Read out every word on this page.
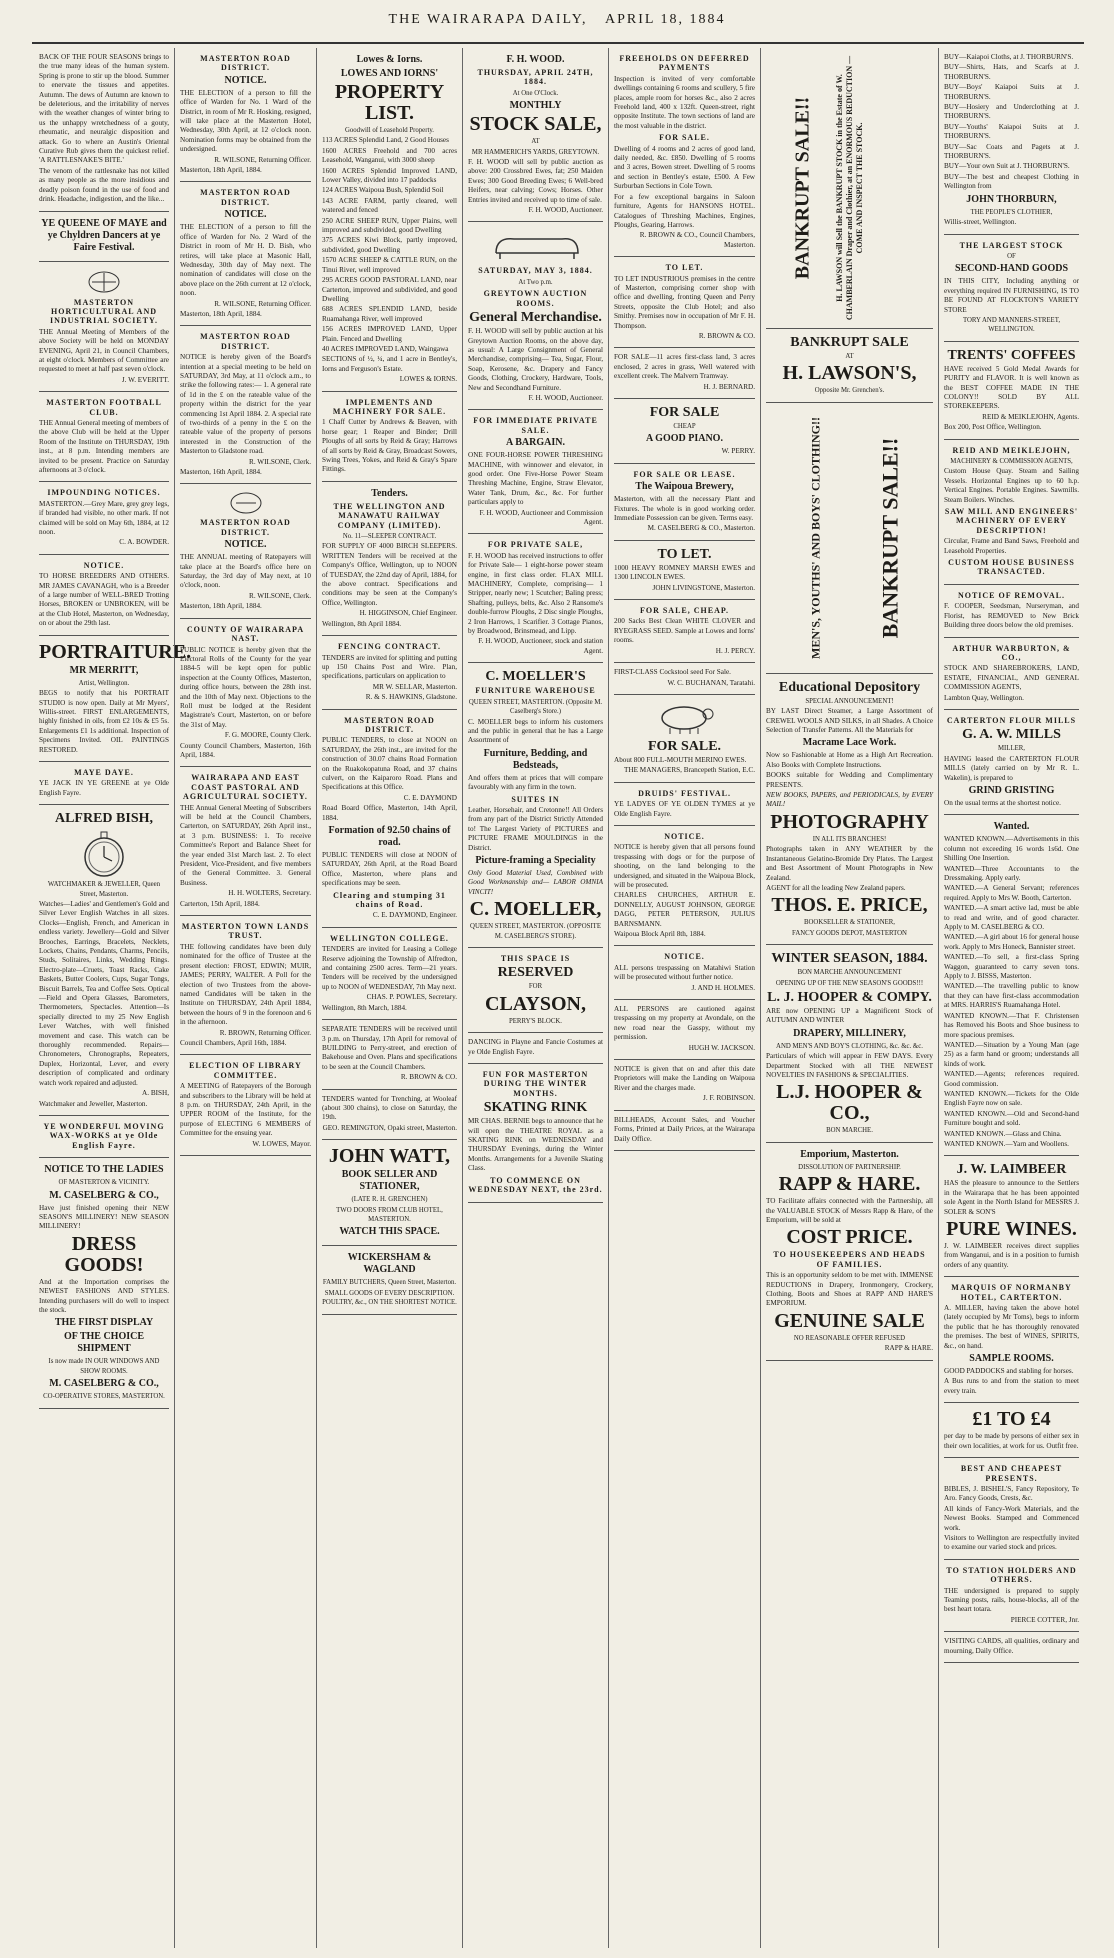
THE WAIRARAPA DAILY, APRIL 18, 1884

BACK OF THE FOUR SEASONS brings to the true many ideas of the human system. Spring is prone to stir up the blood. Summer to enervate the tissues and appetites. Autumn. The dews of Autumn are known to be deleterious, and the irritability of nerves with the weather changes of winter bring to us the unhappy wretchedness of a gouty, rheumatic, and neuralgic disposition and attack. Go to where an Austin's Oriental Curative Rub gives them the quickest relief. 'A RATTLESNAKE'S BITE.'

The venom of the rattlesnake has not killed as many people as the more insidious and deadly poison found in the use of food and drink. Headache, indigestion, and the like...

YE QUEENE OF MAYE and ye Chyldren Dancers at ye Faire Festival.

MASTERTON HORTICULTURAL AND INDUSTRIAL SOCIETY.

THE Annual Meeting of Members of the above Society will be held on MONDAY EVENING, April 21, in Council Chambers, at eight o'clock. Members of Committee are requested to meet at half past seven o'clock.

J. W. EVERITT.

MASTERTON FOOTBALL CLUB.

THE Annual General meeting of members of the above Club will be held at the Upper Room of the Institute on THURSDAY, 19th inst., at 8 p.m. Intending members are invited to be present. Practice on Saturday afternoons at 3 o'clock.

IMPOUNDING NOTICES.

MASTERTON.—Grey Mare, grey grey legs, if branded had visible, no other mark. If not claimed will be sold on May 6th, 1884, at 12 noon.

C. A. BOWDER.

NOTICE.

TO HORSE BREEDERS AND OTHERS. MR JAMES CAVANAGH, who is a Breeder of a large number of WELL-BRED Trotting Horses, BROKEN or UNBROKEN, will be at the Club Hotel, Masterton, on Wednesday, on or about the 29th last.

PORTRAITURE.

MR MERRITT,

Artist, Wellington.

BEGS to notify that his PORTRAIT STUDIO is now open. Daily at Mr Myers', Willis-street. FIRST ENLARGEMENTS, highly finished in oils, from £2 10s & £5 5s. Enlargements £1 1s additional. Inspection of Specimens Invited. OIL PAINTINGS RESTORED.

MAYE DAYE.

YE JACK IN YE GREENE at ye Olde English Fayre.

ALFRED BISH,

WATCHMAKER & JEWELLER, Queen Street, Masterton.

Watches—Ladies' and Gentlemen's Gold and Silver Lever English Watches in all sizes. Clocks—English, French, and American in endless variety. Jewellery—Gold and Silver Brooches, Earrings, Bracelets, Necklets, Lockets, Chains, Pendants, Charms, Pencils, Studs, Solitaires, Links, Wedding Rings. Electro-plate—Cruets, Toast Racks, Cake Baskets, Butter Coolers, Cups, Sugar Tongs, Biscuit Barrels, Tea and Coffee Sets. Optical—Field and Opera Glasses, Barometers, Thermometers, Spectacles. Attention—Is specially directed to my 25 New English Lever Watches, with well finished movement and case. This watch can be thoroughly recommended. Repairs—Chronometers, Chronographs, Repeaters, Duplex, Horizontal, Lever, and every description of complicated and ordinary watch work repaired and adjusted.

A. BISH,

Watchmaker and Jeweller, Masterton.

YE WONDERFUL MOVING WAX-WORKS at ye Olde English Fayre.

NOTICE TO THE LADIES

OF MASTERTON & VICINITY.

M. CASELBERG & CO.,

Have just finished opening their NEW SEASON'S MILLINERY! NEW SEASON MILLINERY!

DRESS GOODS!

And at the Importation comprises the NEWEST FASHIONS AND STYLES. Intending purchasers will do well to inspect the stock.

THE FIRST DISPLAY

OF THE CHOICE SHIPMENT

Is now made IN OUR WINDOWS AND SHOW ROOMS.

M. CASELBERG & CO.,

CO-OPERATIVE STORES, MASTERTON.

MASTERTON ROAD DISTRICT.

NOTICE.

THE ELECTION of a person to fill the office of Warden for No. 1 Ward of the District, in room of Mr R. Hosking, resigned, will take place at the Masterton Hotel, Wednesday, 30th April, at 12 o'clock noon. Nomination forms may be obtained from the undersigned.

R. WILSONE, Returning Officer.

Masterton, 18th April, 1884.

MASTERTON ROAD DISTRICT.

NOTICE.

THE ELECTION of a person to fill the office of Warden for No. 2 Ward of the District in room of Mr H. D. Bish, who retires, will take place at Masonic Hall, Wednesday, 30th day of May next. The nomination of candidates will close on the above place on the 26th current at 12 o'clock, noon.

R. WILSONE, Returning Officer.

Masterton, 18th April, 1884.

MASTERTON ROAD DISTRICT.

NOTICE is hereby given of the Board's intention at a special meeting to be held on SATURDAY, 3rd May, at 11 o'clock a.m., to strike the following rates:— 1. A general rate of 1d in the £ on the rateable value of the property within the district for the year commencing 1st April 1884. 2. A special rate of two-thirds of a penny in the £ on the rateable value of the property of persons interested in the Construction of the Masterton to Gladstone road.

R. WILSONE, Clerk.

Masterton, 16th April, 1884.

MASTERTON ROAD DISTRICT.

NOTICE.

THE ANNUAL meeting of Ratepayers will take place at the Board's office here on Saturday, the 3rd day of May next, at 10 o'clock, noon.

R. WILSONE, Clerk.

Masterton, 18th April, 1884.

COUNTY OF WAIRARAPA NAST.

PUBLIC NOTICE is hereby given that the Electoral Rolls of the County for the year 1884-5 will be kept open for public inspection at the County Offices, Masterton, during office hours, between the 28th inst. and the 10th of May next. Objections to the Roll must be lodged at the Resident Magistrate's Court, Masterton, on or before the 31st of May.

F. G. MOORE, County Clerk.

County Council Chambers, Masterton, 16th April, 1884.

WAIRARAPA AND EAST COAST PASTORAL AND AGRICULTURAL SOCIETY.

THE Annual General Meeting of Subscribers will be held at the Council Chambers, Carterton, on SATURDAY, 26th April inst., at 3 p.m. BUSINESS: 1. To receive Committee's Report and Balance Sheet for the year ended 31st March last. 2. To elect President, Vice-President, and five members of the General Committee. 3. General Business.

H. H. WOLTERS, Secretary.

Carterton, 15th April, 1884.

MASTERTON TOWN LANDS TRUST.

THE following candidates have been duly nominated for the office of Trustee at the present election: FROST, EDWIN; MUIR, JAMES; PERRY, WALTER. A Poll for the election of two Trustees from the above-named Candidates will be taken in the Institute on THURSDAY, 24th April 1884, between the hours of 9 in the forenoon and 6 in the afternoon.

R. BROWN, Returning Officer.

Council Chambers, April 16th, 1884.

ELECTION OF LIBRARY COMMITTEE.

A MEETING of Ratepayers of the Borough and subscribers to the Library will be held at 8 p.m. on THURSDAY, 24th April, in the UPPER ROOM of the Institute, for the purpose of ELECTING 6 MEMBERS of Committee for the ensuing year.

W. LOWES, Mayor.

Lowes & Iorns.

LOWES AND IORNS'

PROPERTY LIST.

Goodwill of Leasehold Property.

113 ACRES Splendid Land, 2 Good Houses

1600 ACRES Freehold and 700 acres Leasehold, Wanganui, with 3000 sheep

1600 ACRES Splendid Improved LAND, Lower Valley, divided into 17 paddocks

124 ACRES Waipoua Bush, Splendid Soil

143 ACRE FARM, partly cleared, well watered and fenced

250 ACRE SHEEP RUN, Upper Plains, well improved and subdivided, good Dwelling

375 ACRES Kiwi Block, partly improved, subdivided, good Dwelling

1570 ACRE SHEEP & CATTLE RUN, on the Tinui River, well improved

295 ACRES GOOD PASTORAL LAND, near Carterton, improved and subdivided, and good Dwelling

688 ACRES SPLENDID LAND, beside Ruamahanga River, well improved

156 ACRES IMPROVED LAND, Upper Plain. Fenced and Dwelling

40 ACRES IMPROVED LAND, Waingawa

SECTIONS of ½, ¼, and 1 acre in Bentley's, Iorns and Ferguson's Estate.

LOWES & IORNS.

IMPLEMENTS AND MACHINERY FOR SALE.

1 Chaff Cutter by Andrews & Beaven, with horse gear; 1 Reaper and Binder; Drill Ploughs of all sorts by Reid & Gray; Harrows of all sorts by Reid & Gray, Broadcast Sowers, Swing Trees, Yokes, and Reid & Gray's Spare Fittings.

Tenders.

THE WELLINGTON AND MANAWATU RAILWAY COMPANY (LIMITED).

No. 11—SLEEPER CONTRACT.

FOR SUPPLY OF 4000 BIRCH SLEEPERS. WRITTEN Tenders will be received at the Company's Office, Wellington, up to NOON of TUESDAY, the 22nd day of April, 1884, for the above contract. Specifications and conditions may be seen at the Company's Office, Wellington.

H. HIGGINSON, Chief Engineer.

Wellington, 8th April 1884.

FENCING CONTRACT.

TENDERS are invited for splitting and putting up 150 Chains Post and Wire. Plan, specifications, particulars on application to

MR W. SELLAR, Masterton.

R. & S. HAWKINS, Gladstone.

MASTERTON ROAD DISTRICT.

PUBLIC TENDERS, to close at NOON on SATURDAY, the 26th inst., are invited for the construction of 30.07 chains Road Formation on the Ruakokopatuna Road, and 37 chains culvert, on the Kaiparoro Road. Plans and Specifications at this Office.

C. E. DAYMOND

Road Board Office, Masterton, 14th April, 1884.

Formation of 92.50 chains of road.

PUBLIC TENDERS will close at NOON of SATURDAY, 26th April, at the Road Board Office, Masterton, where plans and specifications may be seen.

Clearing and stumping 31 chains of Road.

C. E. DAYMOND, Engineer.

WELLINGTON COLLEGE.

TENDERS are invited for Leasing a College Reserve adjoining the Township of Alfredton, and containing 2500 acres. Term—21 years. Tenders will be received by the undersigned up to NOON of WEDNESDAY, 7th May next.

CHAS. P. POWLES, Secretary.

Wellington, 8th March, 1884.

SEPARATE TENDERS will be received until 3 p.m. on Thursday, 17th April for removal of BUILDING to Perry-street, and erection of Bakehouse and Oven. Plans and specifications to be seen at the Council Chambers.

R. BROWN & CO.

TENDERS wanted for Trenching, at Wooleaf (about 300 chains), to close on Saturday, the 19th.

GEO. REMINGTON, Opaki street, Masterton.

JOHN WATT,

BOOK SELLER AND STATIONER,

(LATE R. H. GRENCHEN)

TWO DOORS FROM CLUB HOTEL, MASTERTON.

WATCH THIS SPACE.

WICKERSHAM & WAGLAND

FAMILY BUTCHERS, Queen Street, Masterton.

SMALL GOODS OF EVERY DESCRIPTION. POULTRY, &c., ON THE SHORTEST NOTICE.

F. H. WOOD.

THURSDAY, APRIL 24TH, 1884.

At One O'Clock.

MONTHLY

STOCK SALE,

AT

MR HAMMERICH'S YARDS, GREYTOWN.

F. H. WOOD will sell by public auction as above: 200 Crossbred Ewes, fat; 250 Maiden Ewes; 300 Good Breeding Ewes; 6 Well-bred Heifers, near calving; Cows; Horses. Other Entries invited and received up to time of sale.

F. H. WOOD, Auctioneer.

SATURDAY, MAY 3, 1884.

At Two p.m.

GREYTOWN AUCTION ROOMS.

General Merchandise.

F. H. WOOD will sell by public auction at his Greytown Auction Rooms, on the above day, as usual: A Large Consignment of General Merchandise, comprising— Tea, Sugar, Flour, Soap, Kerosene, &c. Drapery and Fancy Goods, Clothing, Crockery, Hardware, Tools, New and Secondhand Furniture.

F. H. WOOD, Auctioneer.

FOR IMMEDIATE PRIVATE SALE.

A BARGAIN.

ONE FOUR-HORSE POWER THRESHING MACHINE, with winnower and elevator, in good order. One Five-Horse Power Steam Threshing Machine, Engine, Straw Elevator, Water Tank, Drum, &c., &c. For further particulars apply to

F. H. WOOD, Auctioneer and Commission Agent.

FOR PRIVATE SALE,

F. H. WOOD has received instructions to offer for Private Sale— 1 eight-horse power steam engine, in first class order. FLAX MILL MACHINERY, Complete, comprising— 1 Stripper, nearly new; 1 Scutcher; Baling press; Shafting, pulleys, belts, &c. Also 2 Ransome's double-furrow Ploughs, 2 Disc single Ploughs, 2 Iron Harrows, 1 Scarifier. 3 Cottage Pianos, by Broadwood, Brinsmead, and Lipp.

F. H. WOOD, Auctioneer, stock and station Agent.

C. MOELLER'S

FURNITURE WAREHOUSE

QUEEN STREET, MASTERTON. (Opposite M. Caselberg's Store.)

C. MOELLER begs to inform his customers and the public in general that he has a Large Assortment of

Furniture, Bedding, and Bedsteads,

And offers them at prices that will compare favourably with any firm in the town.

SUITES IN

Leather, Horsehair, and Cretonne!! All Orders from any part of the District Strictly Attended to! The Largest Variety of PICTURES and PICTURE FRAME MOULDINGS in the District.

Picture-framing a Speciality

Only Good Material Used, Combined with Good Workmanship and— LABOR OMNIA VINCIT!

C. MOELLER,

QUEEN STREET, MASTERTON. (OPPOSITE M. CASELBERG'S STORE).

THIS SPACE IS

RESERVED

FOR

CLAYSON,

PERRY'S BLOCK.

DANCING in Playne and Fancie Costumes at ye Olde English Fayre.

FUN FOR MASTERTON DURING THE WINTER MONTHS.

SKATING RINK

MR CHAS. BERNIE begs to announce that he will open the THEATRE ROYAL as a SKATING RINK on WEDNESDAY and THURSDAY Evenings, during the Winter Months. Arrangements for a Juvenile Skating Class.

TO COMMENCE ON WEDNESDAY NEXT, the 23rd.

FREEHOLDS ON DEFERRED PAYMENTS

Inspection is invited of very comfortable dwellings containing 6 rooms and scullery, 5 fire places, ample room for horses &c., also 2 acres Freehold land, 400 x 132ft. Queen-street, right opposite Institute. The town sections of land are the most valuable in the district.

FOR SALE.

Dwelling of 4 rooms and 2 acres of good land, daily needed, &c. £850. Dwelling of 5 rooms and 3 acres, Bowen street. Dwelling of 5 rooms and section in Bentley's estate, £500. A Few Surburban Sections in Cole Town.

For a few exceptional bargains in Saloon furniture, Agents for HANSONS HOTEL. Catalogues of Threshing Machines, Engines, Ploughs, Gearing, Harrows.

R. BROWN & CO., Council Chambers, Masterton.

TO LET.

TO LET INDUSTRIOUS premises in the centre of Masterton, comprising corner shop with office and dwelling, fronting Queen and Perry Streets, opposite the Club Hotel; and also Smithy. Premises now in occupation of Mr F. H. Thompson.

R. BROWN & CO.

FOR SALE—11 acres first-class land, 3 acres enclosed, 2 acres in grass, Well watered with excellent creek. The Malvern Tramway.

H. J. BERNARD.

FOR SALE

CHEAP

A GOOD PIANO.

W. PERRY.

FOR SALE OR LEASE.

The Waipoua Brewery,

Masterton, with all the necessary Plant and Fixtures. The whole is in good working order. Immediate Possession can be given. Terms easy.

M. CASELBERG & CO., Masterton.

TO LET.

1000 HEAVY ROMNEY MARSH EWES and 1300 LINCOLN EWES.

JOHN LIVINGSTONE, Masterton.

FOR SALE, CHEAP.

200 Sacks Best Clean WHITE CLOVER and RYEGRASS SEED. Sample at Lowes and Iorns' rooms.

H. J. PERCY.

FIRST-CLASS Cockstool seed For Sale.

W. C. BUCHANAN, Taratahi.

FOR SALE.

About 800 FULL-MOUTH MERINO EWES.

THE MANAGERS, Brancepeth Station, E.C.

DRUIDS' FESTIVAL.

YE LADYES OF YE OLDEN TYMES at ye Olde English Fayre.

NOTICE.

NOTICE is hereby given that all persons found trespassing with dogs or for the purpose of shooting, on the land belonging to the undersigned, and situated in the Waipoua Block, will be prosecuted.

CHARLES CHURCHES, ARTHUR E. DONNELLY, AUGUST JOHNSON, GEORGE DAGG, PETER PETERSON, JULIUS BARNSMANN.

Waipoua Block April 8th, 1884.

NOTICE.

ALL persons trespassing on Matahiwi Station will be prosecuted without further notice.

J. AND H. HOLMES.

ALL PERSONS are cautioned against trespassing on my property at Avondale, on the new road near the Gasspy, without my permission.

HUGH W. JACKSON.

NOTICE is given that on and after this date Proprietors will make the Landing on Waipoua River and the charges made.

J. F. ROBINSON.

BILLHEADS, Account Sales, and Voucher Forms, Printed at Daily Prices, at the Wairarapa Daily Office.

H. LAWSON will Sell the BANKRUPT STOCK in the Estate of W. CHAMBERLAIN Draper and Clothier, at an ENORMOUS REDUCTION — COME AND INSPECT THE STOCK.
BANKRUPT SALE!!

BANKRUPT SALE

AT

H. LAWSON'S,

Opposite Mr. Grenchen's.

MEN'S, YOUTHS' AND BOYS' CLOTHING!! BANKRUPT SALE!!

Educational Depository

SPECIAL ANNOUNCEMENT!

BY LAST Direct Steamer, a Large Assortment of CREWEL WOOLS AND SILKS, in all Shades. A Choice Selection of Transfer Patterns. All the Materials for

Macrame Lace Work.

Now so Fashionable at Home as a High Art Recreation. Also Books with Complete Instructions.

BOOKS suitable for Wedding and Complimentary PRESENTS.

NEW BOOKS, PAPERS, and PERIODICALS, by EVERY MAIL!

PHOTOGRAPHY

IN ALL ITS BRANCHES!

Photographs taken in ANY WEATHER by the Instantaneous Gelatino-Bromide Dry Plates. The Largest and Best Assortment of Mount Photographs in New Zealand.

AGENT for all the leading New Zealand papers.

THOS. E. PRICE,

BOOKSELLER & STATIONER,

FANCY GOODS DEPOT, MASTERTON

WINTER SEASON, 1884.

BON MARCHE ANNOUNCEMENT

OPENING UP OF THE NEW SEASON'S GOODS!!!

L. J. HOOPER & COMPY.

ARE now OPENING UP a Magnificent Stock of AUTUMN AND WINTER

DRAPERY, MILLINERY,

AND MEN'S AND BOY'S CLOTHING, &c. &c. &c.

Particulars of which will appear in FEW DAYS. Every Department Stocked with all THE NEWEST NOVELTIES IN FASHIONS & SPECIALITIES.

L.J. HOOPER & CO.,

BON MARCHE.

Emporium, Masterton.

DISSOLUTION OF PARTNERSHIP.

RAPP & HARE.

TO Facilitate affairs connected with the Partnership, all the VALUABLE STOCK of Messrs Rapp & Hare, of the Emporium, will be sold at

COST PRICE.

TO HOUSEKEEPERS AND HEADS OF FAMILIES.

This is an opportunity seldom to be met with. IMMENSE REDUCTIONS in Drapery, Ironmongery, Crockery, Clothing, Boots and Shoes at RAPP AND HARE'S EMPORIUM.

GENUINE SALE

NO REASONABLE OFFER REFUSED

RAPP & HARE.

BUY—Kaiapoi Cloths, at J. THORBURN'S.

BUY—Shirts, Hats, and Scarfs at J. THORBURN'S.

BUY—Boys' Kaiapoi Suits at J. THORBURN'S.

BUY—Hosiery and Underclothing at J. THORBURN'S.

BUY—Youths' Kaiapoi Suits at J. THORBURN'S.

BUY—Sac Coats and Pagets at J. THORBURN'S.

BUY—Your own Suit at J. THORBURN'S.

BUY—The best and cheapest Clothing in Wellington from

JOHN THORBURN,

THE PEOPLE'S CLOTHIER,

Willis-street, Wellington.

THE LARGEST STOCK

OF

SECOND-HAND GOODS

IN THIS CITY, Including anything or everything required IN FURNISHING, IS TO BE FOUND AT FLOCKTON'S VARIETY STORE

TORY AND MANNERS-STREET, WELLINGTON.

TRENTS' COFFEES

HAVE received 5 Gold Medal Awards for PURITY and FLAVOR. It is well known as the BEST COFFEE MADE IN THE COLONY!! SOLD BY ALL STOREKEEPERS.

REID & MEIKLEJOHN, Agents.

Box 200, Post Office, Wellington.

REID AND MEIKLEJOHN,

MACHINERY & COMMISSION AGENTS,

Custom House Quay. Steam and Sailing Vessels. Horizontal Engines up to 60 h.p. Vertical Engines. Portable Engines. Sawmills. Steam Boilers. Winches.

SAW MILL AND ENGINEERS' MACHINERY OF EVERY DESCRIPTION!

Circular, Frame and Band Saws, Freehold and Leasehold Properties.

CUSTOM HOUSE BUSINESS TRANSACTED.

NOTICE OF REMOVAL.

F. COOPER, Seedsman, Nurseryman, and Florist, has REMOVED to New Brick Building three doors below the old premises.

ARTHUR WARBURTON, & CO.,

STOCK AND SHAREBROKERS, LAND, ESTATE, FINANCIAL, AND GENERAL COMMISSION AGENTS,

Lambton Quay, Wellington.

CARTERTON FLOUR MILLS

G. A. W. MILLS

MILLER,

HAVING leased the CARTERTON FLOUR MILLS (lately carried on by Mr R. L. Wakelin), is prepared to

GRIND GRISTING

On the usual terms at the shortest notice.

Wanted.

WANTED KNOWN.—Advertisements in this column not exceeding 16 words 1s6d. One Shilling One Insertion.

WANTED—Three Accountants to the Dressmaking. Apply early.

WANTED.—A General Servant; references required. Apply to Mrs W. Booth, Carterton.

WANTED.—A smart active lad, must be able to read and write, and of good character. Apply to M. CASELBERG & CO.

WANTED.—A girl about 16 for general house work. Apply to Mrs Honeck, Bannister street.

WANTED.—To sell, a first-class Spring Waggon, guaranteed to carry seven tons. Apply to J. BISSS, Masterton.

WANTED.—The travelling public to know that they can have first-class accommodation at MRS. HARRIS'S Ruamahanga Hotel.

WANTED KNOWN.—That F. Christensen has Removed his Boots and Shoe business to more spacious premises.

WANTED.—Situation by a Young Man (age 25) as a farm hand or groom; understands all kinds of work.

WANTED.—Agents; references required. Good commission.

WANTED KNOWN.—Tickets for the Olde English Fayre now on sale.

WANTED KNOWN.—Old and Second-hand Furniture bought and sold.

WANTED KNOWN.—Glass and China.

WANTED KNOWN.—Yarn and Woollens.

J. W. LAIMBEER

HAS the pleasure to announce to the Settlers in the Wairarapa that he has been appointed sole Agent in the North Island for MESSRS J. SOLER & SON'S

PURE WINES.

J. W. LAIMBEER receives direct supplies from Wanganui, and is in a position to furnish orders of any quantity.

MARQUIS OF NORMANBY HOTEL, CARTERTON.

A. MILLER, having taken the above hotel (lately occupied by Mr Toms), begs to inform the public that he has thoroughly renovated the premises. The best of WINES, SPIRITS, &c., on hand.

SAMPLE ROOMS.

GOOD PADDOCKS and stabling for horses.

A Bus runs to and from the station to meet every train.

£1 TO £4

per day to be made by persons of either sex in their own localities, at work for us. Outfit free.

BEST AND CHEAPEST PRESENTS.

BIBLES, J. BISHEL'S, Fancy Repository, Te Aro. Fancy Goods, Crests, &c.

All kinds of Fancy-Work Materials, and the Newest Books. Stamped and Commenced work.

Visitors to Wellington are respectfully invited to examine our varied stock and prices.

TO STATION HOLDERS AND OTHERS.

THE undersigned is prepared to supply Teaming posts, rails, house-blocks, all of the best heart totara.

PIERCE COTTER, Jnr.

VISITING CARDS, all qualities, ordinary and mourning, Daily Office.
